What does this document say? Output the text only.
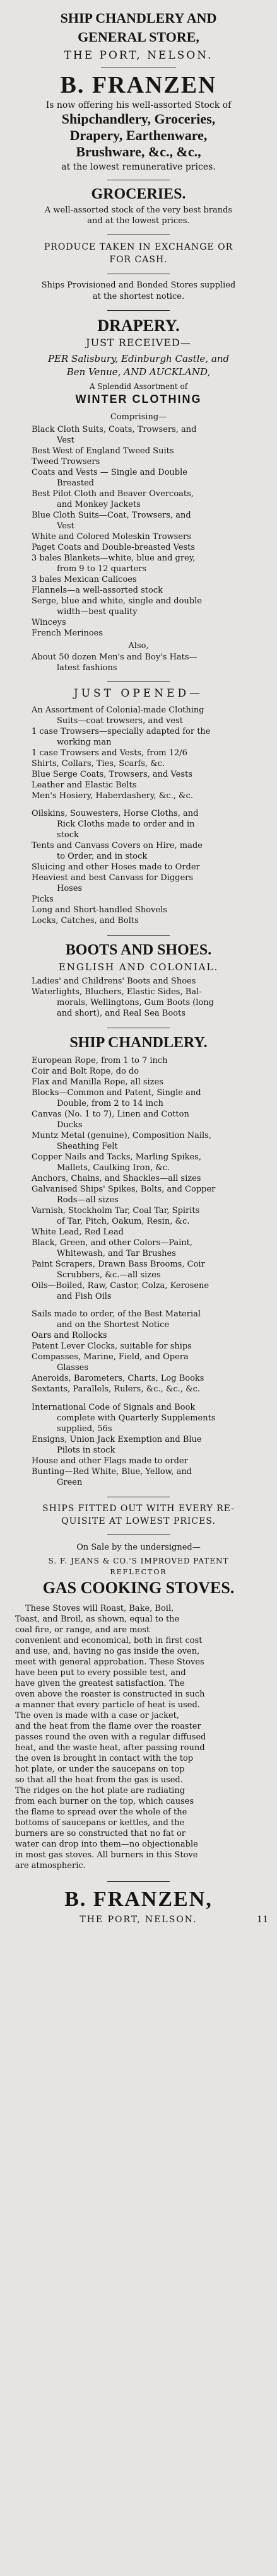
SHIP CHANDLERY AND
GENERAL STORE,
THE PORT, NELSON.
B. FRANZEN
Is now offering his well-assorted Stock of
Shipchandlery, Groceries,
Drapery, Earthenware,
Brushware, &c., &c.,
at the lowest remunerative prices.
GROCERIES.
A well-assorted stock of the very best brands
and at the lowest prices.
PRODUCE TAKEN IN EXCHANGE OR
FOR CASH.
Ships Provisioned and Bonded Stores supplied
at the shortest notice.
DRAPERY.
JUST RECEIVED—
PER Salisbury, Edinburgh Castle, and
Ben Venue, AND AUCKLAND,
A Splendid Assortment of
WINTER CLOTHING
Comprising—
Black Cloth Suits, Coats, Trowsers, and
Vest
Best West of England Tweed Suits
Tweed Trowsers
Coats and Vests — Single and Double
Breasted
Best Pilot Cloth and Beaver Overcoats,
and Monkey Jackets
Blue Cloth Suits—Coat, Trowsers, and
Vest
White and Colored Moleskin Trowsers
Paget Coats and Double-breasted Vests
3 bales Blankets—white, blue and grey,
from 9 to 12 quarters
3 bales Mexican Calicoes
Flannels—a well-assorted stock
Serge, blue and white, single and double
width—best quality
Winceys
French Merinoes
Also,
About 50 dozen Men's and Boy's Hats—
latest fashions
JUST OPENED—
An Assortment of Colonial-made Clothing
Suits—coat trowsers, and vest
1 case Trowsers—specially adapted for the
working man
1 case Trowsers and Vests, from 12/6
Shirts, Collars, Ties, Scarfs, &c.
Blue Serge Coats, Trowsers, and Vests
Leather and Elastic Belts
Men's Hosiery, Haberdashery, &c., &c.
Oilskins, Souwesters, Horse Cloths, and
Rick Cloths made to order and in
stock
Tents and Canvass Covers on Hire, made
to Order, and in stock
Sluicing and other Hoses made to Order
Heaviest and best Canvass for Diggers
Hoses
Picks
Long and Short-handled Shovels
Locks, Catches, and Bolts
BOOTS AND SHOES.
ENGLISH AND COLONIAL.
Ladies' and Childrens' Boots and Shoes
Waterlights, Bluchers, Elastic Sides, Bal-
morals, Wellingtons, Gum Boots (long
and short), and Real Sea Boots
SHIP CHANDLERY.
European Rope, from 1 to 7 inch
Coir and Bolt Rope, do do
Flax and Manilla Rope, all sizes
Blocks—Common and Patent, Single and
Double, from 2 to 14 inch
Canvas (No. 1 to 7), Linen and Cotton
Ducks
Muntz Metal (genuine), Composition Nails,
Sheathing Felt
Copper Nails and Tacks, Marling Spikes,
Mallets, Caulking Iron, &c.
Anchors, Chains, and Shackles—all sizes
Galvanised Ships' Spikes, Bolts, and Copper
Rods—all sizes
Varnish, Stockholm Tar, Coal Tar, Spirits
of Tar, Pitch, Oakum, Resin, &c.
White Lead, Red Lead
Black, Green, and other Colors—Paint,
Whitewash, and Tar Brushes
Paint Scrapers, Drawn Bass Brooms, Coir
Scrubbers, &c.—all sizes
Oils—Boiled, Raw, Castor, Colza, Kerosene
and Fish Oils
Sails made to order, of the Best Material
and on the Shortest Notice
Oars and Rollocks
Patent Lever Clocks, suitable for ships
Compasses, Marine, Field, and Opera
Glasses
Aneroids, Barometers, Charts, Log Books
Sextants, Parallels, Rulers, &c., &c., &c.
International Code of Signals and Book
complete with Quarterly Supplements
supplied, 56s
Ensigns, Union Jack Exemption and Blue
Pilots in stock
House and other Flags made to order
Bunting—Red White, Blue, Yellow, and
Green
SHIPS FITTED OUT WITH EVERY RE-
QUISITE AT LOWEST PRICES.
On Sale by the undersigned—
S. F. JEANS & CO.'S IMPROVED PATENT
REFLECTOR
GAS COOKING STOVES.
These Stoves will Roast, Bake, Boil,
Toast, and Broil, as shown, equal to the
coal fire, or range, and are most
convenient and economical, both in first cost
and use, and, having no gas inside the oven,
meet with general approbation. These Stoves
have been put to every possible test, and
have given the greatest satisfaction. The
oven above the roaster is constructed in such
a manner that every particle of heat is used.
The oven is made with a case or jacket,
and the heat from the flame over the roaster
passes round the oven with a regular diffused
heat, and the waste heat, after passing round
the oven is brought in contact with the top
hot plate, or under the saucepans on top
so that all the heat from the gas is used.
The ridges on the hot plate are radiating
from each burner on the top, which causes
the flame to spread over the whole of the
bottoms of saucepans or kettles, and the
burners are so constructed that no fat or
water can drop into them—no objectionable
in most gas stoves. All burners in this Stove
are atmospheric.
B. FRANZEN,
THE PORT, NELSON.	11
